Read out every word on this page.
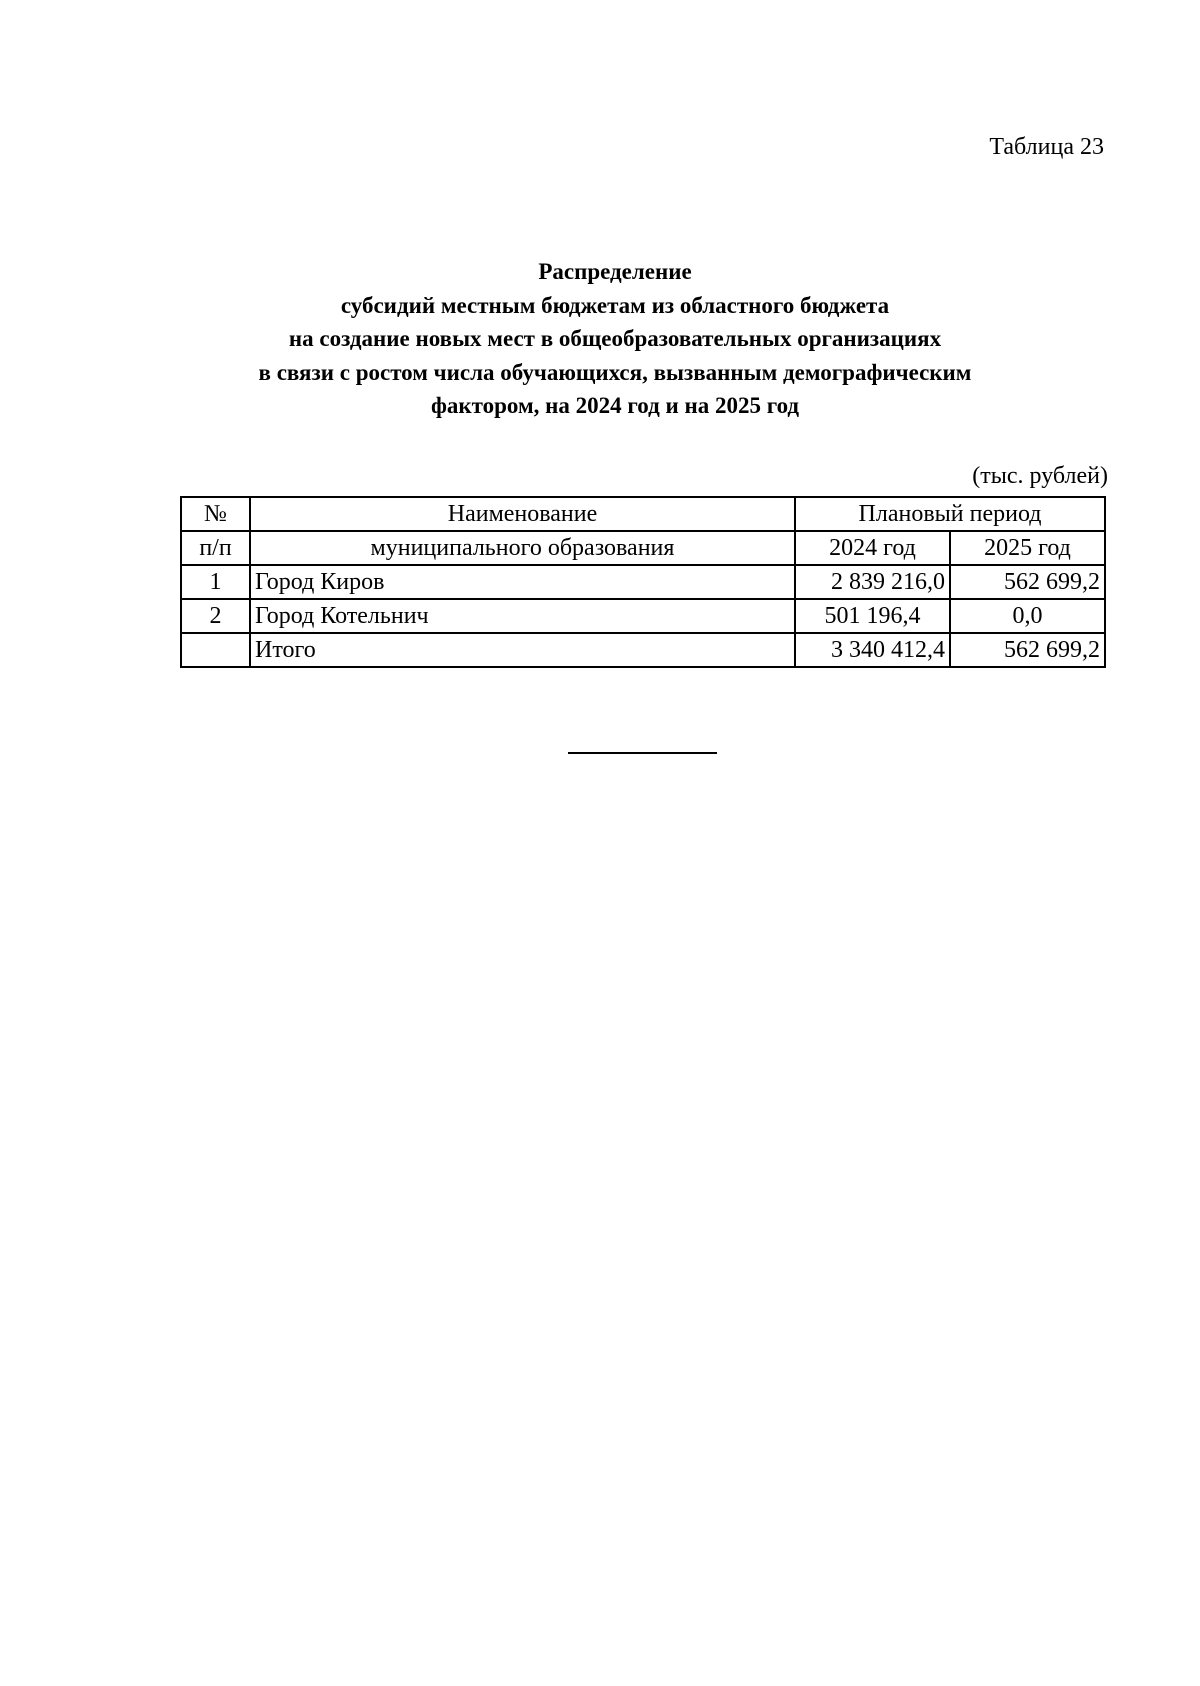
Таблица 23
Распределение
субсидий местным бюджетам из областного бюджета
на создание новых мест в общеобразовательных организациях
в связи с ростом числа обучающихся, вызванным демографическим
фактором, на 2024 год и на 2025 год
(тыс. рублей)
№	Наименование	Плановый период	
п/п	муниципального образования	2024 год	2025 год
1	Город Киров	2 839 216,0	562 699,2
2	Город Котельнич	501 196,4	0,0
	Итого	3 340 412,4	562 699,2
